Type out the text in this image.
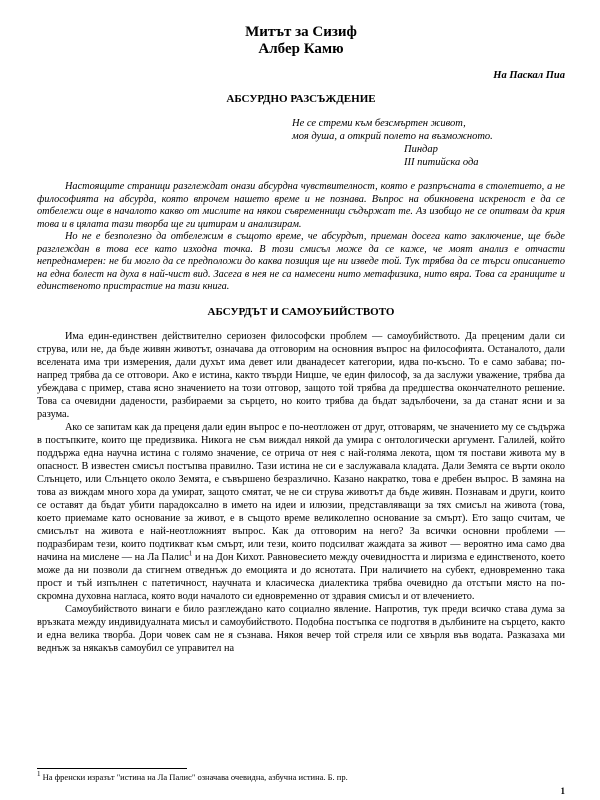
Митът за Сизиф
Албер Камю
На Паскал Пиа
АБСУРДНО РАЗСЪЖДЕНИЕ
Не се стреми към безсмъртен живот,
моя душа, а открий полето на възможното.
Пиндар
III питийска ода

Настоящите страници разглеждат онази абсурдна чувствителност, която е разпръсната в столетието, а не философията на абсурда, която впрочем нашето време и не познава. Въпрос на обикновена искреност е да се отбележи още в началото какво от мислите на някои съвременници съдържат те. Аз изобщо не се опитвам да крия това и в цялата тази творба ще ги цитирам и анализирам.

Но не е безполезно да отбележим в същото време, че абсурдът, приеман досега като заключение, ще бъде разглеждан в това есе като изходна точка. В този смисъл може да се каже, че моят анализ е отчасти непреднамерен: не би могло да се предположи до каква позиция ще ни изведе той. Тук трябва да се търси описанието на една болест на духа в най-чист вид. Засега в нея не са намесени нито метафизика, нито вяра. Това са границите и единственото пристрастие на тази книга.

АБСУРДЪТ И САМОУБИЙСТВОТО

Има един-единствен действително сериозен философски проблем — самоубийството. Да преценим дали си струва, или не, да бъде живян животът, означава да отговорим на основния въпрос на философията. Останалото, дали вселената има три измерения, дали духът има девет или дванадесет категории, идва по-късно. То е само забава; по-напред трябва да се отговори. Ако е истина, както твърди Ницше, че един философ, за да заслужи уважение, трябва да убеждава с пример, става ясно значението на този отговор, защото той трябва да предшества окончателното решение. Това са очевидни дадености, разбираеми за сърцето, но които трябва да бъдат задълбочени, за да станат ясни и за разума.

Ако се запитам как да преценя дали един въпрос е по-неотложен от друг, отговарям, че значението му се съдържа в постъпките, които ще предизвика. Никога не съм виждал някой да умира с онтологически аргумент. Галилей, който поддържа една научна истина с голямо значение, се отрича от нея с най-голяма лекота, щом тя постави живота му в опасност. В известен смисъл постъпва правилно. Тази истина не си е заслужавала кладата. Дали Земята се върти около Слънцето, или Слънцето около Земята, е съвършено безразлично. Казано накратко, това е дребен въпрос. В замяна на това аз виждам много хора да умират, защото смятат, че не си струва животът да бъде живян. Познавам и други, които се оставят да бъдат убити парадоксално в името на идеи и илюзии, представляващи за тях смисъл на живота (това, което приемаме като основание за живот, е в същото време великолепно основание за смърт). Ето защо считам, че смисълът на живота е най-неотложният въпрос. Как да отговорим на него? За всички основни проблеми — подразбирам тези, които подтикват към смърт, или тези, които подсилват жаждата за живот — вероятно има само два начина на мислене — на Ла Палис$^1$ и на Дон Кихот. Равновесието между очевидността и лиризма е единственото, което може да ни позволи да стигнем отведнъж до емоцията и до яснотата. При наличието на субект, едновременно така прост и тъй изпълнен с патетичност, научната и класическа диалектика трябва очевидно да отстъпи място на по-скромна духовна нагласа, която води началото си едновременно от здравия смисъл и от влечението.

Самоубийството винаги е било разглеждано като социално явление. Напротив, тук преди всичко става дума за връзката между индивидуалната мисъл и самоубийството. Подобна постъпка се подготвя в дълбините на сърцето, както и една велика творба. Дори човек сам не я съзнава. Някоя вечер той стреля или се хвърля във водата. Разказаха ми веднъж за някакъв самоубил се управител на

$^1$ На френски изразът "истина на Ла Палис" означава очевидна, азбучна истина. Б. пр.
1
